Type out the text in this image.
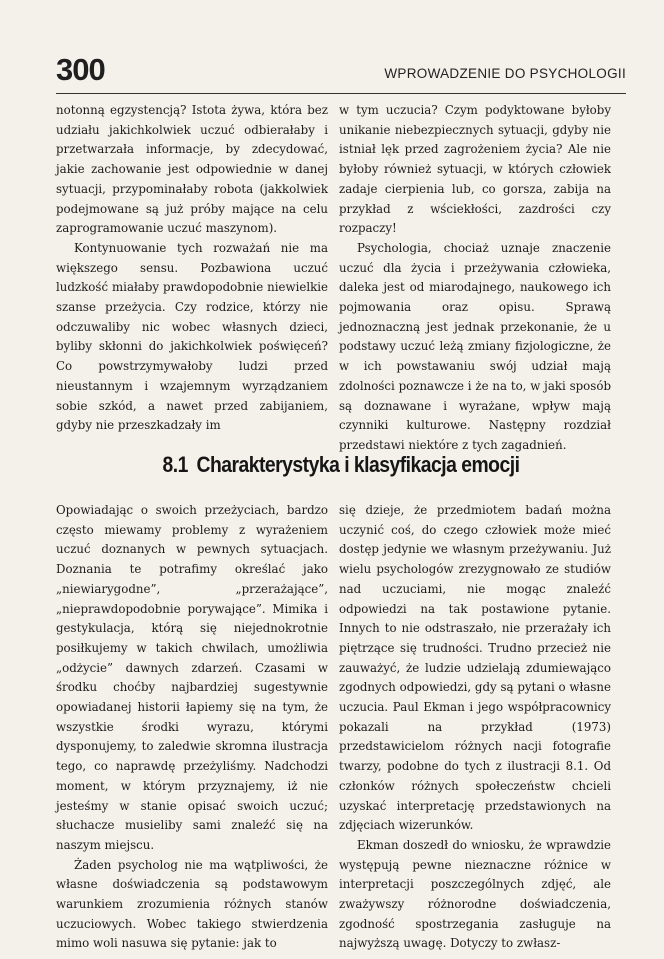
300	WPROWADZENIE DO PSYCHOLOGII

notonną egzystencją? Istota żywa, która bez udziału jakichkolwiek uczuć odbierałaby i przetwarzała informacje, by zdecydować, jakie zachowanie jest odpowiednie w danej sytuacji, przypominałaby robota (jakkolwiek podejmowane są już próby mające na celu zaprogramowanie uczuć maszynom).

Kontynuowanie tych rozważań nie ma większego sensu. Pozbawiona uczuć ludzkość miałaby prawdopodobnie niewielkie szanse przeżycia. Czy rodzice, którzy nie odczuwaliby nic wobec własnych dzieci, byliby skłonni do jakichkolwiek poświęceń? Co powstrzymywałoby ludzi przed nieustannym i wzajemnym wyrządzaniem sobie szkód, a nawet przed zabijaniem, gdyby nie przeszkadzały im

w tym uczucia? Czym podyktowane byłoby unikanie niebezpiecznych sytuacji, gdyby nie istniał lęk przed zagrożeniem życia? Ale nie byłoby również sytuacji, w których człowiek zadaje cierpienia lub, co gorsza, zabija na przykład z wściekłości, zazdrości czy rozpaczy!

Psychologia, chociaż uznaje znaczenie uczuć dla życia i przeżywania człowieka, daleka jest od miarodajnego, naukowego ich pojmowania oraz opisu. Sprawą jednoznaczną jest jednak przekonanie, że u podstawy uczuć leżą zmiany fizjologiczne, że w ich powstawaniu swój udział mają zdolności poznawcze i że na to, w jaki sposób są doznawane i wyrażane, wpływ mają czynniki kulturowe. Następny rozdział przedstawi niektóre z tych zagadnień.

8.1 Charakterystyka i klasyfikacja emocji

Opowiadając o swoich przeżyciach, bardzo często miewamy problemy z wyrażeniem uczuć doznanych w pewnych sytuacjach. Doznania te potrafimy określać jako „niewiarygodne”, „przerażające”, „nieprawdopodobnie porywające”. Mimika i gestykulacja, którą się niejednokrotnie posiłkujemy w takich chwilach, umożliwia „odżycie” dawnych zdarzeń. Czasami w środku choćby najbardziej sugestywnie opowiadanej historii łapiemy się na tym, że wszystkie środki wyrazu, którymi dysponujemy, to zaledwie skromna ilustracja tego, co naprawdę przeżyliśmy. Nadchodzi moment, w którym przyznajemy, iż nie jesteśmy w stanie opisać swoich uczuć; słuchacze musieliby sami znaleźć się na naszym miejscu.

Żaden psycholog nie ma wątpliwości, że własne doświadczenia są podstawowym warunkiem zrozumienia różnych stanów uczuciowych. Wobec takiego stwierdzenia mimo woli nasuwa się pytanie: jak to

się dzieje, że przedmiotem badań można uczynić coś, do czego człowiek może mieć dostęp jedynie we własnym przeżywaniu. Już wielu psychologów zrezygnowało ze studiów nad uczuciami, nie mogąc znaleźć odpowiedzi na tak postawione pytanie. Innych to nie odstraszało, nie przerażały ich piętrzące się trudności. Trudno przecież nie zauważyć, że ludzie udzielają zdumiewająco zgodnych odpowiedzi, gdy są pytani o własne uczucia. Paul Ekman i jego współpracownicy pokazali na przykład (1973) przedstawicielom różnych nacji fotografie twarzy, podobne do tych z ilustracji 8.1. Od członków różnych społeczeństw chcieli uzyskać interpretację przedstawionych na zdjęciach wizerunków.

Ekman doszedł do wniosku, że wprawdzie występują pewne nieznaczne różnice w interpretacji poszczególnych zdjęć, ale zważywszy różnorodne doświadczenia, zgodność spostrzegania zasługuje na najwyższą uwagę. Dotyczy to zwłasz-
